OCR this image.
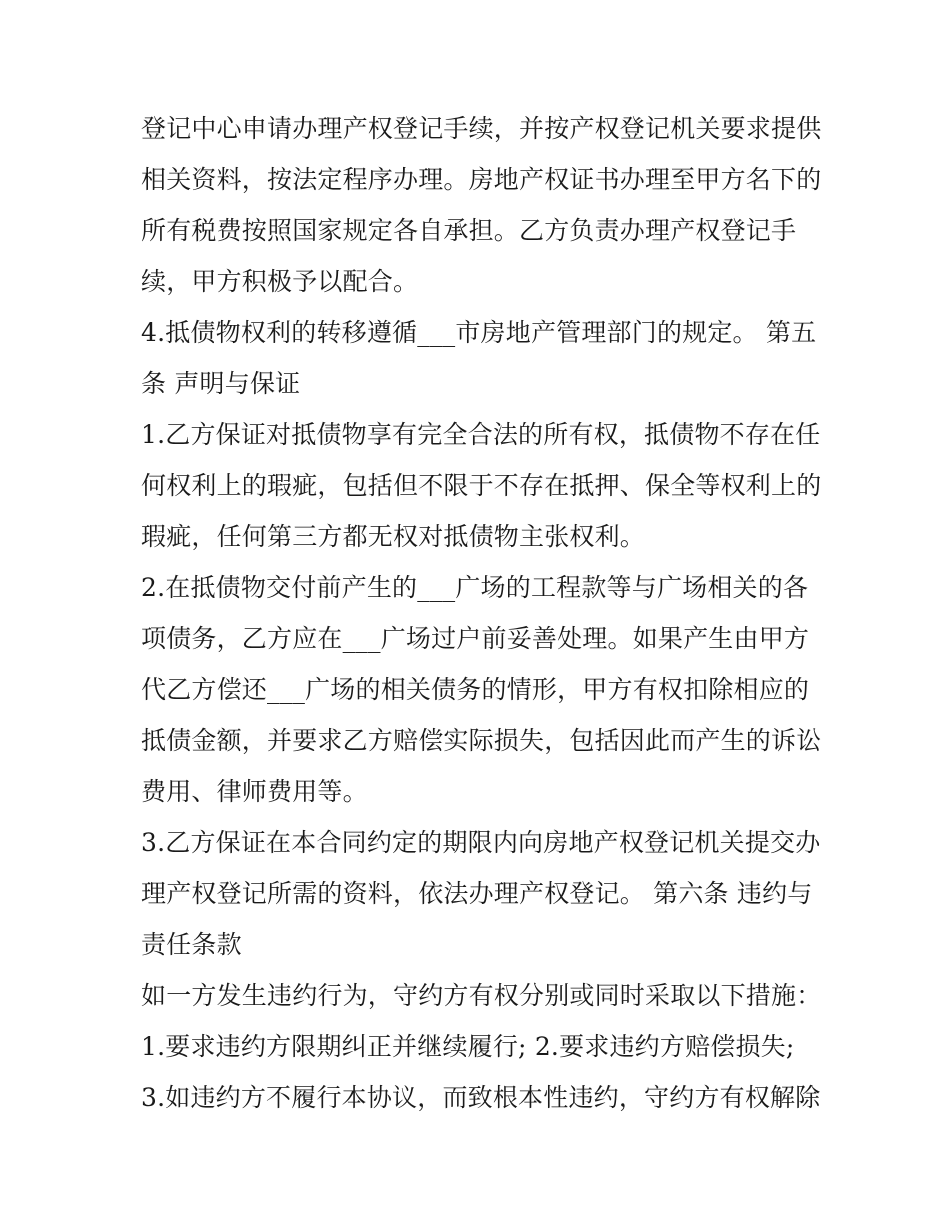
登记中心申请办理产权登记手续，并按产权登记机关要求提供
相关资料，按法定程序办理。房地产权证书办理至甲方名下的
所有税费按照国家规定各自承担。乙方负责办理产权登记手
续，甲方积极予以配合。
4.抵债物权利的转移遵循___市房地产管理部门的规定。 第五
条 声明与保证
1.乙方保证对抵债物享有完全合法的所有权，抵债物不存在任
何权利上的瑕疵，包括但不限于不存在抵押、保全等权利上的
瑕疵，任何第三方都无权对抵债物主张权利。
2.在抵债物交付前产生的___广场的工程款等与广场相关的各
项债务，乙方应在___广场过户前妥善处理。如果产生由甲方
代乙方偿还___广场的相关债务的情形，甲方有权扣除相应的
抵债金额，并要求乙方赔偿实际损失，包括因此而产生的诉讼
费用、律师费用等。
3.乙方保证在本合同约定的期限内向房地产权登记机关提交办
理产权登记所需的资料，依法办理产权登记。 第六条 违约与
责任条款
如一方发生违约行为，守约方有权分别或同时采取以下措施：
1.要求违约方限期纠正并继续履行; 2.要求违约方赔偿损失;
3.如违约方不履行本协议，而致根本性违约，守约方有权解除
